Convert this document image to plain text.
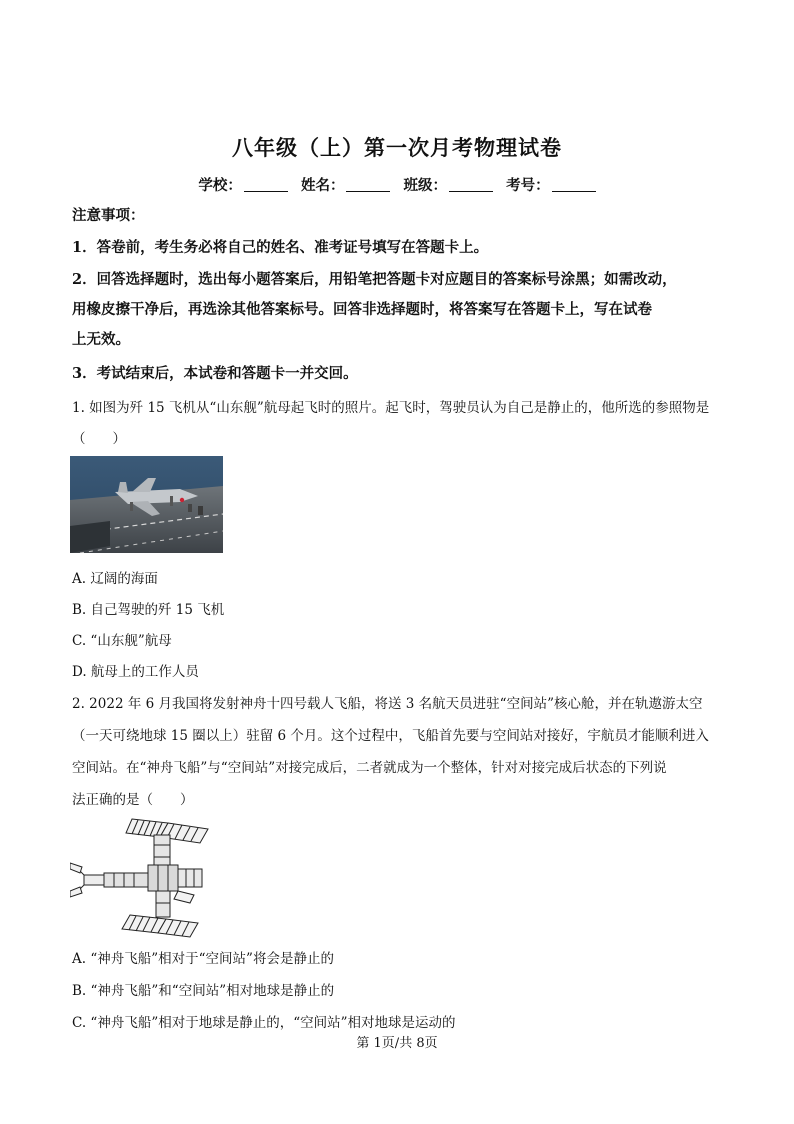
八年级（上）第一次月考物理试卷
学校：	姓名：	班级：	考号：
注意事项：
1．答卷前，考生务必将自己的姓名、准考证号填写在答题卡上。
2．回答选择题时，选出每小题答案后，用铅笔把答题卡对应题目的答案标号涂黑；如需改动，
用橡皮擦干净后，再选涂其他答案标号。回答非选择题时，将答案写在答题卡上，写在试卷
上无效。
3．考试结束后，本试卷和答题卡一并交回。
1. 如图为歼 15 飞机从“山东舰”航母起飞时的照片。起飞时，驾驶员认为自己是静止的，他所选的参照物是
（　　）
A. 辽阔的海面
B. 自己驾驶的歼 15 飞机
C. “山东舰”航母
D. 航母上的工作人员
2. 2022 年 6 月我国将发射神舟十四号载人飞船，将送 3 名航天员进驻“空间站”核心舱，并在轨遨游太空
（一天可绕地球 15 圈以上）驻留 6 个月。这个过程中，飞船首先要与空间站对接好，宇航员才能顺利进入
空间站。在“神舟飞船”与“空间站”对接完成后，二者就成为一个整体，针对对接完成后状态的下列说
法正确的是（　　）
A. “神舟飞船”相对于“空间站”将会是静止的
B. “神舟飞船”和“空间站”相对地球是静止的
C. “神舟飞船”相对于地球是静止的，“空间站”相对地球是运动的
第 1页/共 8页
